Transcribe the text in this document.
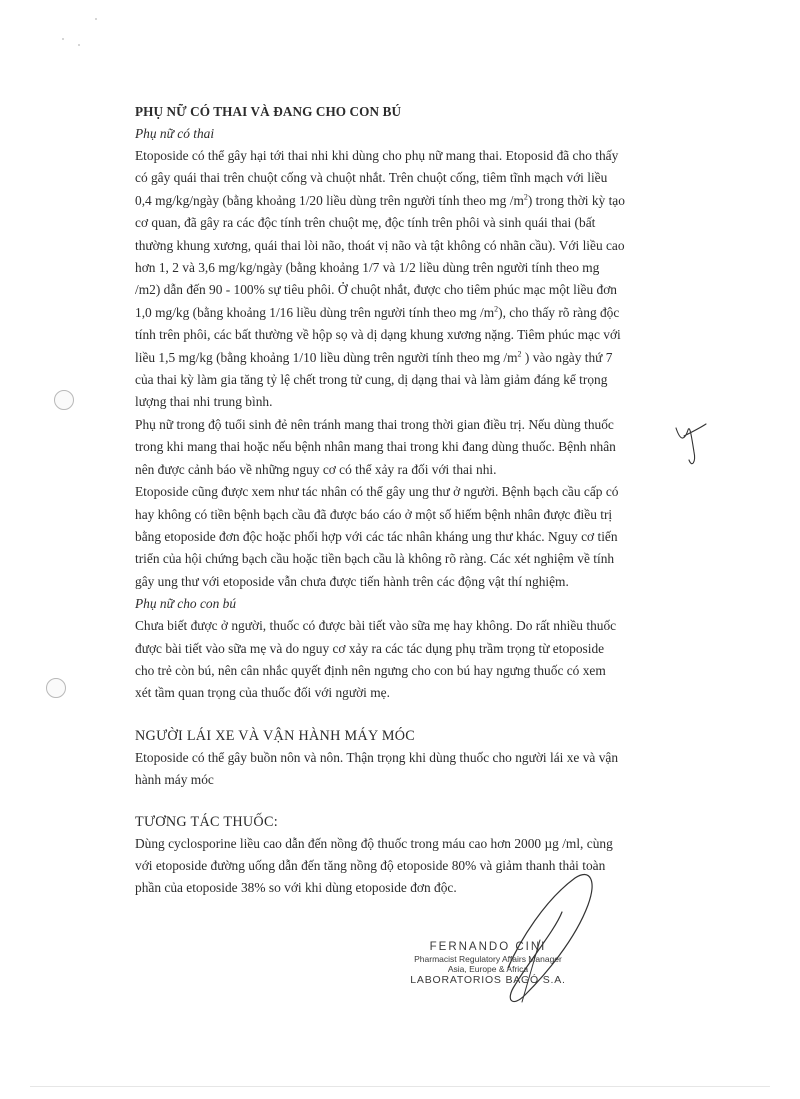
PHỤ NỮ CÓ THAI VÀ ĐANG CHO CON BÚ

Phụ nữ có thai

Etoposide có thể gây hại tới thai nhi khi dùng cho phụ nữ mang thai. Etoposid đã cho thấy

có gây quái thai trên chuột cống và chuột nhắt. Trên chuột cống, tiêm tĩnh mạch với liều

0,4 mg/kg/ngày (bằng khoảng 1/20 liều dùng trên người tính theo mg $/m^2$) trong thời kỳ tạo

cơ quan, đã gây ra các độc tính trên chuột mẹ, độc tính trên phôi và sinh quái thai (bất

thường khung xương, quái thai lòi não, thoát vị não và tật không có nhãn cầu). Với liều cao

hơn 1, 2 và 3,6 mg/kg/ngày (bằng khoảng 1/7 và 1/2 liều dùng trên người tính theo mg

/m2) dẫn đến 90 - 100% sự tiêu phôi. Ở chuột nhắt, được cho tiêm phúc mạc một liều đơn

1,0 mg/kg (bằng khoảng 1/16 liều dùng trên người tính theo mg $/m^2$), cho thấy rõ ràng độc

tính trên phôi, các bất thường về hộp sọ và dị dạng khung xương nặng. Tiêm phúc mạc với

liều 1,5 mg/kg (bằng khoảng 1/10 liều dùng trên người tính theo mg $/m^2$ ) vào ngày thứ 7

của thai kỳ làm gia tăng tỷ lệ chết trong tử cung, dị dạng thai và làm giảm đáng kể trọng

lượng thai nhi trung bình.

Phụ nữ trong độ tuổi sinh đẻ nên tránh mang thai trong thời gian điều trị. Nếu dùng thuốc

trong khi mang thai hoặc nếu bệnh nhân mang thai trong khi đang dùng thuốc. Bệnh nhân

nên được cảnh báo về những nguy cơ có thể xảy ra đối với thai nhi.

Etoposide cũng được xem như tác nhân có thể gây ung thư ở người. Bệnh bạch cầu cấp có

hay không có tiền bệnh bạch cầu đã được báo cáo ở một số hiếm bệnh nhân được điều trị

bằng etoposide đơn độc hoặc phối hợp với các tác nhân kháng ung thư khác. Nguy cơ tiến

triển của hội chứng bạch cầu hoặc tiền bạch cầu là không rõ ràng. Các xét nghiệm về tính

gây ung thư với etoposide vẫn chưa được tiến hành trên các động vật thí nghiệm.

Phụ nữ cho con bú

Chưa biết được ở người, thuốc có được bài tiết vào sữa mẹ hay không. Do rất nhiều thuốc

được bài tiết vào sữa mẹ và do nguy cơ xảy ra các tác dụng phụ trầm trọng từ etoposide

cho trẻ còn bú, nên cân nhắc quyết định nên ngưng cho con bú hay ngưng thuốc có xem

xét tầm quan trọng của thuốc đối với người mẹ.

NGƯỜI LÁI XE VÀ VẬN HÀNH MÁY MÓC

Etoposide có thể gây buồn nôn và nôn. Thận trọng khi dùng thuốc cho người lái xe và vận

hành máy móc

TƯƠNG TÁC THUỐC:

Dùng cyclosporine liều cao dẫn đến nồng độ thuốc trong máu cao hơn 2000 µg /ml, cùng

với etoposide đường uống dẫn đến tăng nồng độ etoposide 80% và giảm thanh thải toàn

phần của etoposide 38% so với khi dùng etoposide đơn độc.

FERNANDO CINI
Pharmacist Regulatory Affairs Manager
Asia, Europe & Africa
LABORATORIOS BAGÓ S.A.
